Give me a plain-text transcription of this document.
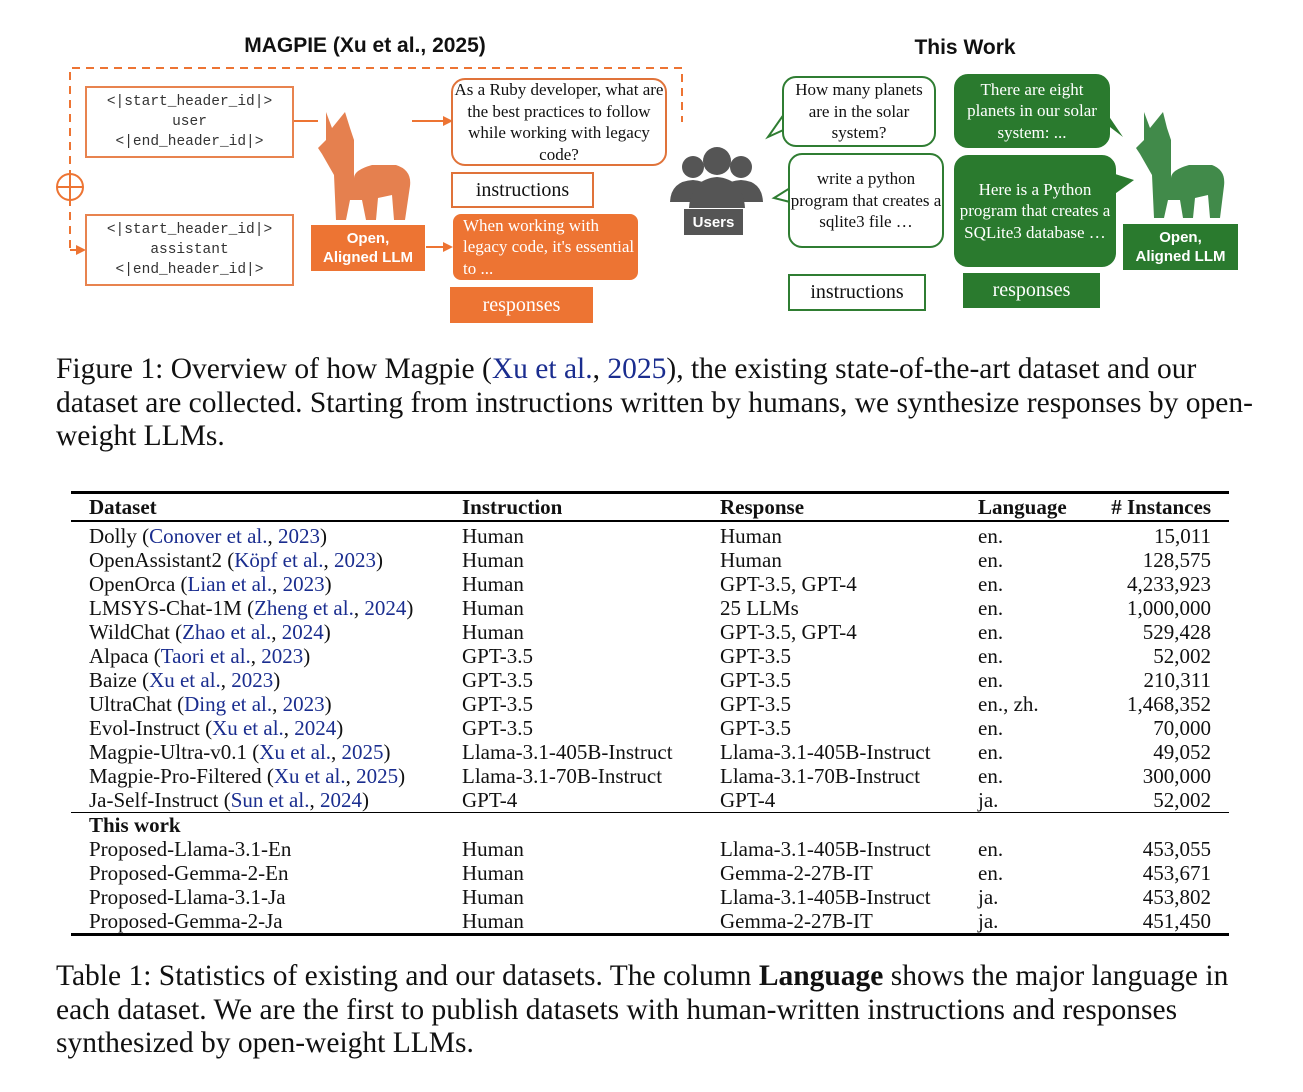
MAGPIE (Xu et al., 2025)	This Work
<|start_header_id|>
user
<|end_header_id|>
<|start_header_id|>
assistant
<|end_header_id|>
Open,
Aligned LLM
As a Ruby developer, what are the best practices to follow while working with legacy code?
instructions
When working with legacy code, it's essential to ...
responses
Users
How many planets are in the solar system?
write a python program that creates a sqlite3 file …
instructions
There are eight planets in our solar system: ...
Here is a Python program that creates a SQLite3 database …
responses
Open,
Aligned LLM
Figure 1: Overview of how Magpie (Xu et al., 2025), the existing state-of-the-art dataset and our dataset are collected. Starting from instructions written by humans, we synthesize responses by open-weight LLMs.
Dataset	Instruction	Response	Language	# Instances
Dolly (Conover et al., 2023)	Human	Human	en.	15,011
OpenAssistant2 (Köpf et al., 2023)	Human	Human	en.	128,575
OpenOrca (Lian et al., 2023)	Human	GPT-3.5, GPT-4	en.	4,233,923
LMSYS-Chat-1M (Zheng et al., 2024)	Human	25 LLMs	en.	1,000,000
WildChat (Zhao et al., 2024)	Human	GPT-3.5, GPT-4	en.	529,428
Alpaca (Taori et al., 2023)	GPT-3.5	GPT-3.5	en.	52,002
Baize (Xu et al., 2023)	GPT-3.5	GPT-3.5	en.	210,311
UltraChat (Ding et al., 2023)	GPT-3.5	GPT-3.5	en., zh.	1,468,352
Evol-Instruct (Xu et al., 2024)	GPT-3.5	GPT-3.5	en.	70,000
Magpie-Ultra-v0.1 (Xu et al., 2025)	Llama-3.1-405B-Instruct	Llama-3.1-405B-Instruct	en.	49,052
Magpie-Pro-Filtered (Xu et al., 2025)	Llama-3.1-70B-Instruct	Llama-3.1-70B-Instruct	en.	300,000
Ja-Self-Instruct (Sun et al., 2024)	GPT-4	GPT-4	ja.	52,002
This work				
Proposed-Llama-3.1-En	Human	Llama-3.1-405B-Instruct	en.	453,055
Proposed-Gemma-2-En	Human	Gemma-2-27B-IT	en.	453,671
Proposed-Llama-3.1-Ja	Human	Llama-3.1-405B-Instruct	ja.	453,802
Proposed-Gemma-2-Ja	Human	Gemma-2-27B-IT	ja.	451,450
Table 1: Statistics of existing and our datasets. The column Language shows the major language in each dataset. We are the first to publish datasets with human-written instructions and responses synthesized by open-weight LLMs.
